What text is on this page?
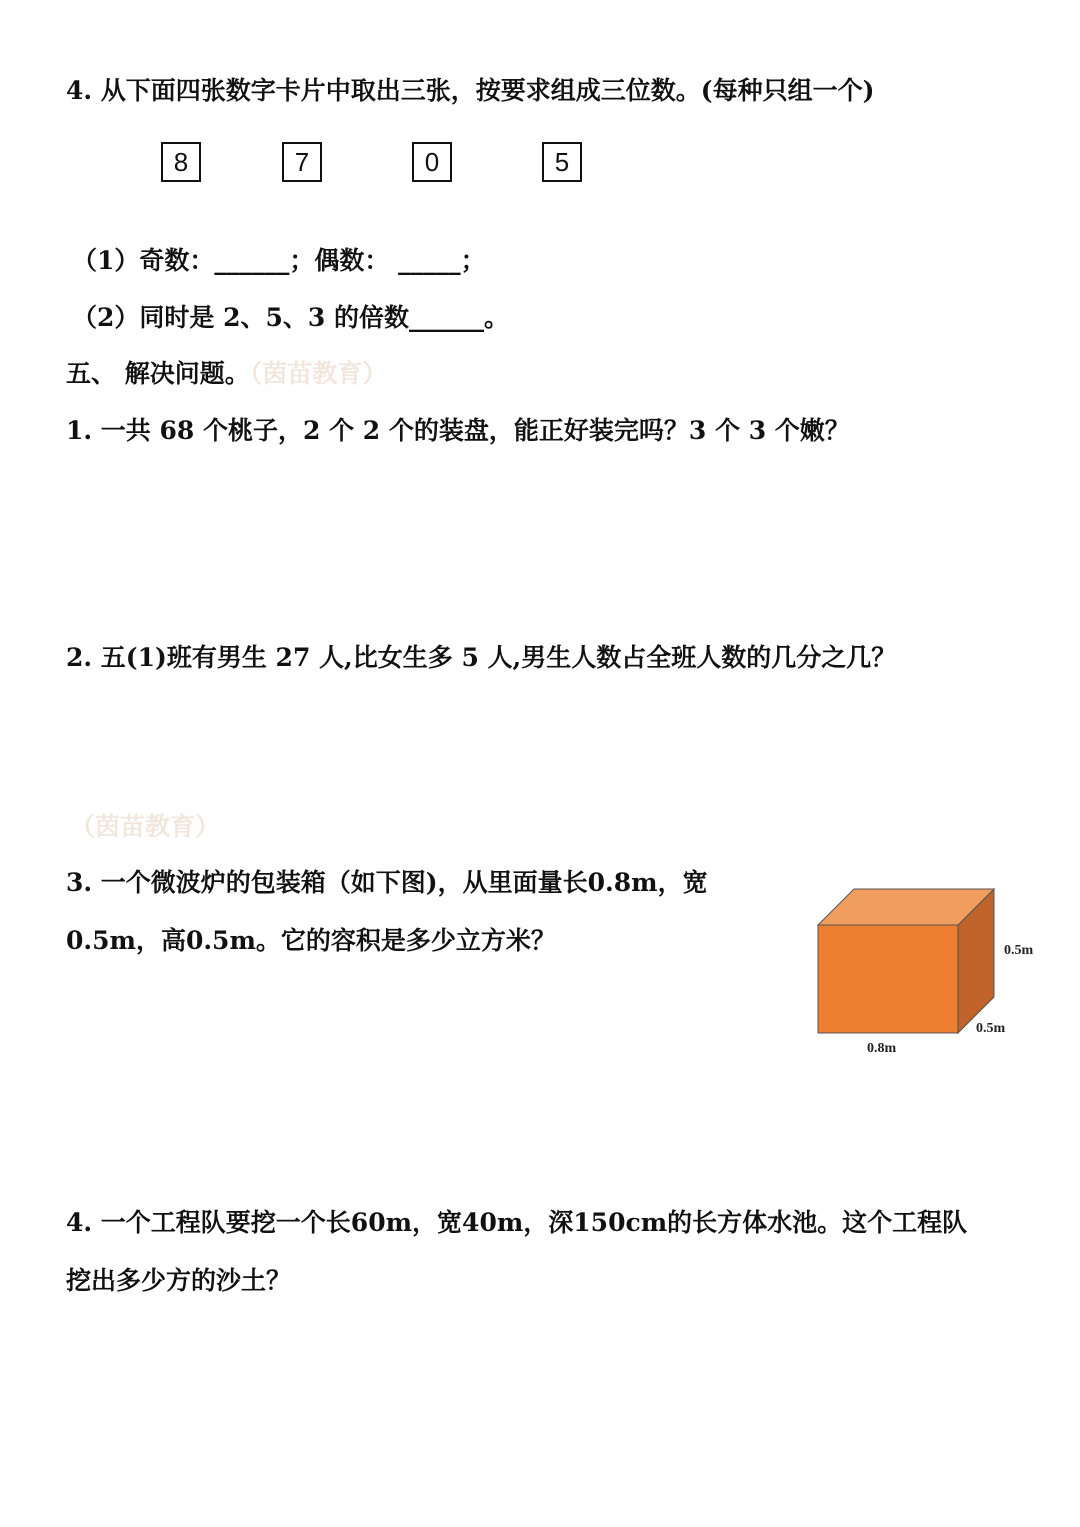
4. 从下面四张数字卡片中取出三张，按要求组成三位数。(每种只组一个)
8	7	0	5
（1）奇数：______；偶数： _____；
（2）同时是 2、5、3 的倍数______。
五、 解决问题。（茵苗教育）
1. 一共 68 个桃子，2 个 2 个的装盘，能正好装完吗？3 个 3 个嫩？
2. 五(1)班有男生 27 人,比女生多 5 人,男生人数占全班人数的几分之几？
（茵苗教育）
3. 一个微波炉的包装箱（如下图)，从里面量长0.8m，宽
0.5m，高0.5m。它的容积是多少立方米？	0.5m
0.5m
0.8m
4. 一个工程队要挖一个长60m，宽40m，深150cm的长方体水池。这个工程队
挖出多少方的沙土？
